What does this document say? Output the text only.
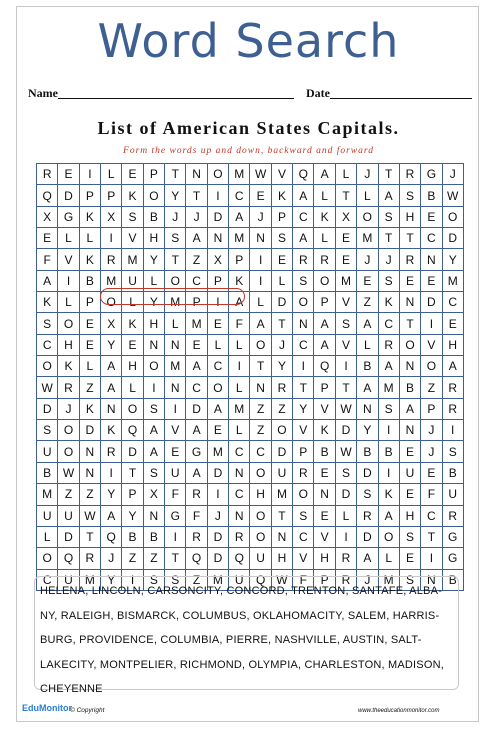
Word Search
Name	Date
List of American States Capitals.
Form the words up and down, backward and forward
R	E	I	L	E	P	T	N	O	M	W	V	Q	A	L	J	T	R	G	J
Q	D	P	P	K	O	Y	T	I	C	E	K	A	L	T	L	A	S	B	W
X	G	K	X	S	B	J	J	D	A	J	P	C	K	X	O	S	H	E	O
E	L	L	I	V	H	S	A	N	M	N	S	A	L	E	M	T	T	C	D
F	V	K	R	M	Y	T	Z	X	P	I	E	R	R	E	J	J	R	N	Y
A	I	B	M	U	L	O	C	P	K	I	L	S	O	M	E	S	E	E	M
K	L	P	O	L	Y	M	P	I	A	L	D	O	P	V	Z	K	N	D	C
S	O	E	X	K	H	L	M	E	F	A	T	N	A	S	A	C	T	I	E
C	H	E	Y	E	N	N	E	L	L	O	J	C	A	V	L	R	O	V	H
O	K	L	A	H	O	M	A	C	I	T	Y	I	Q	I	B	A	N	O	A
W	R	Z	A	L	I	N	C	O	L	N	R	T	P	T	A	M	B	Z	R
D	J	K	N	O	S	I	D	A	M	Z	Z	Y	V	W	N	S	A	P	R
S	O	D	K	Q	A	V	A	E	L	Z	O	V	K	D	Y	I	N	J	I
U	O	N	R	D	A	E	G	M	C	C	D	P	B	W	B	B	E	J	S
B	W	N	I	T	S	U	A	D	N	O	U	R	E	S	D	I	U	E	B
M	Z	Z	Y	P	X	F	R	I	C	H	M	O	N	D	S	K	E	F	U
U	U	W	A	Y	N	G	F	J	N	O	T	S	E	L	R	A	H	C	R
L	D	T	Q	B	B	I	R	D	R	O	N	C	V	I	D	O	S	T	G
O	Q	R	J	Z	Z	T	Q	D	Q	U	H	V	H	R	A	L	E	I	G
C	U	M	Y	I	S	S	Z	M	U	Q	W	F	P	R	J	M	S	N	B
HELENA, LINCOLN, CARSONCITY, CONCORD, TRENTON, SANTAFE, ALBA-NY, RALEIGH, BISMARCK, COLUMBUS, OKLAHOMACITY, SALEM, HARRIS-BURG, PROVIDENCE, COLUMBIA, PIERRE, NASHVILLE, AUSTIN, SALT-LAKECITY, MONTPELIER, RICHMOND, OLYMPIA, CHARLESTON, MADISON, CHEYENNE
EduMonitor
© Copyright	www.theeducationmonitor.com
